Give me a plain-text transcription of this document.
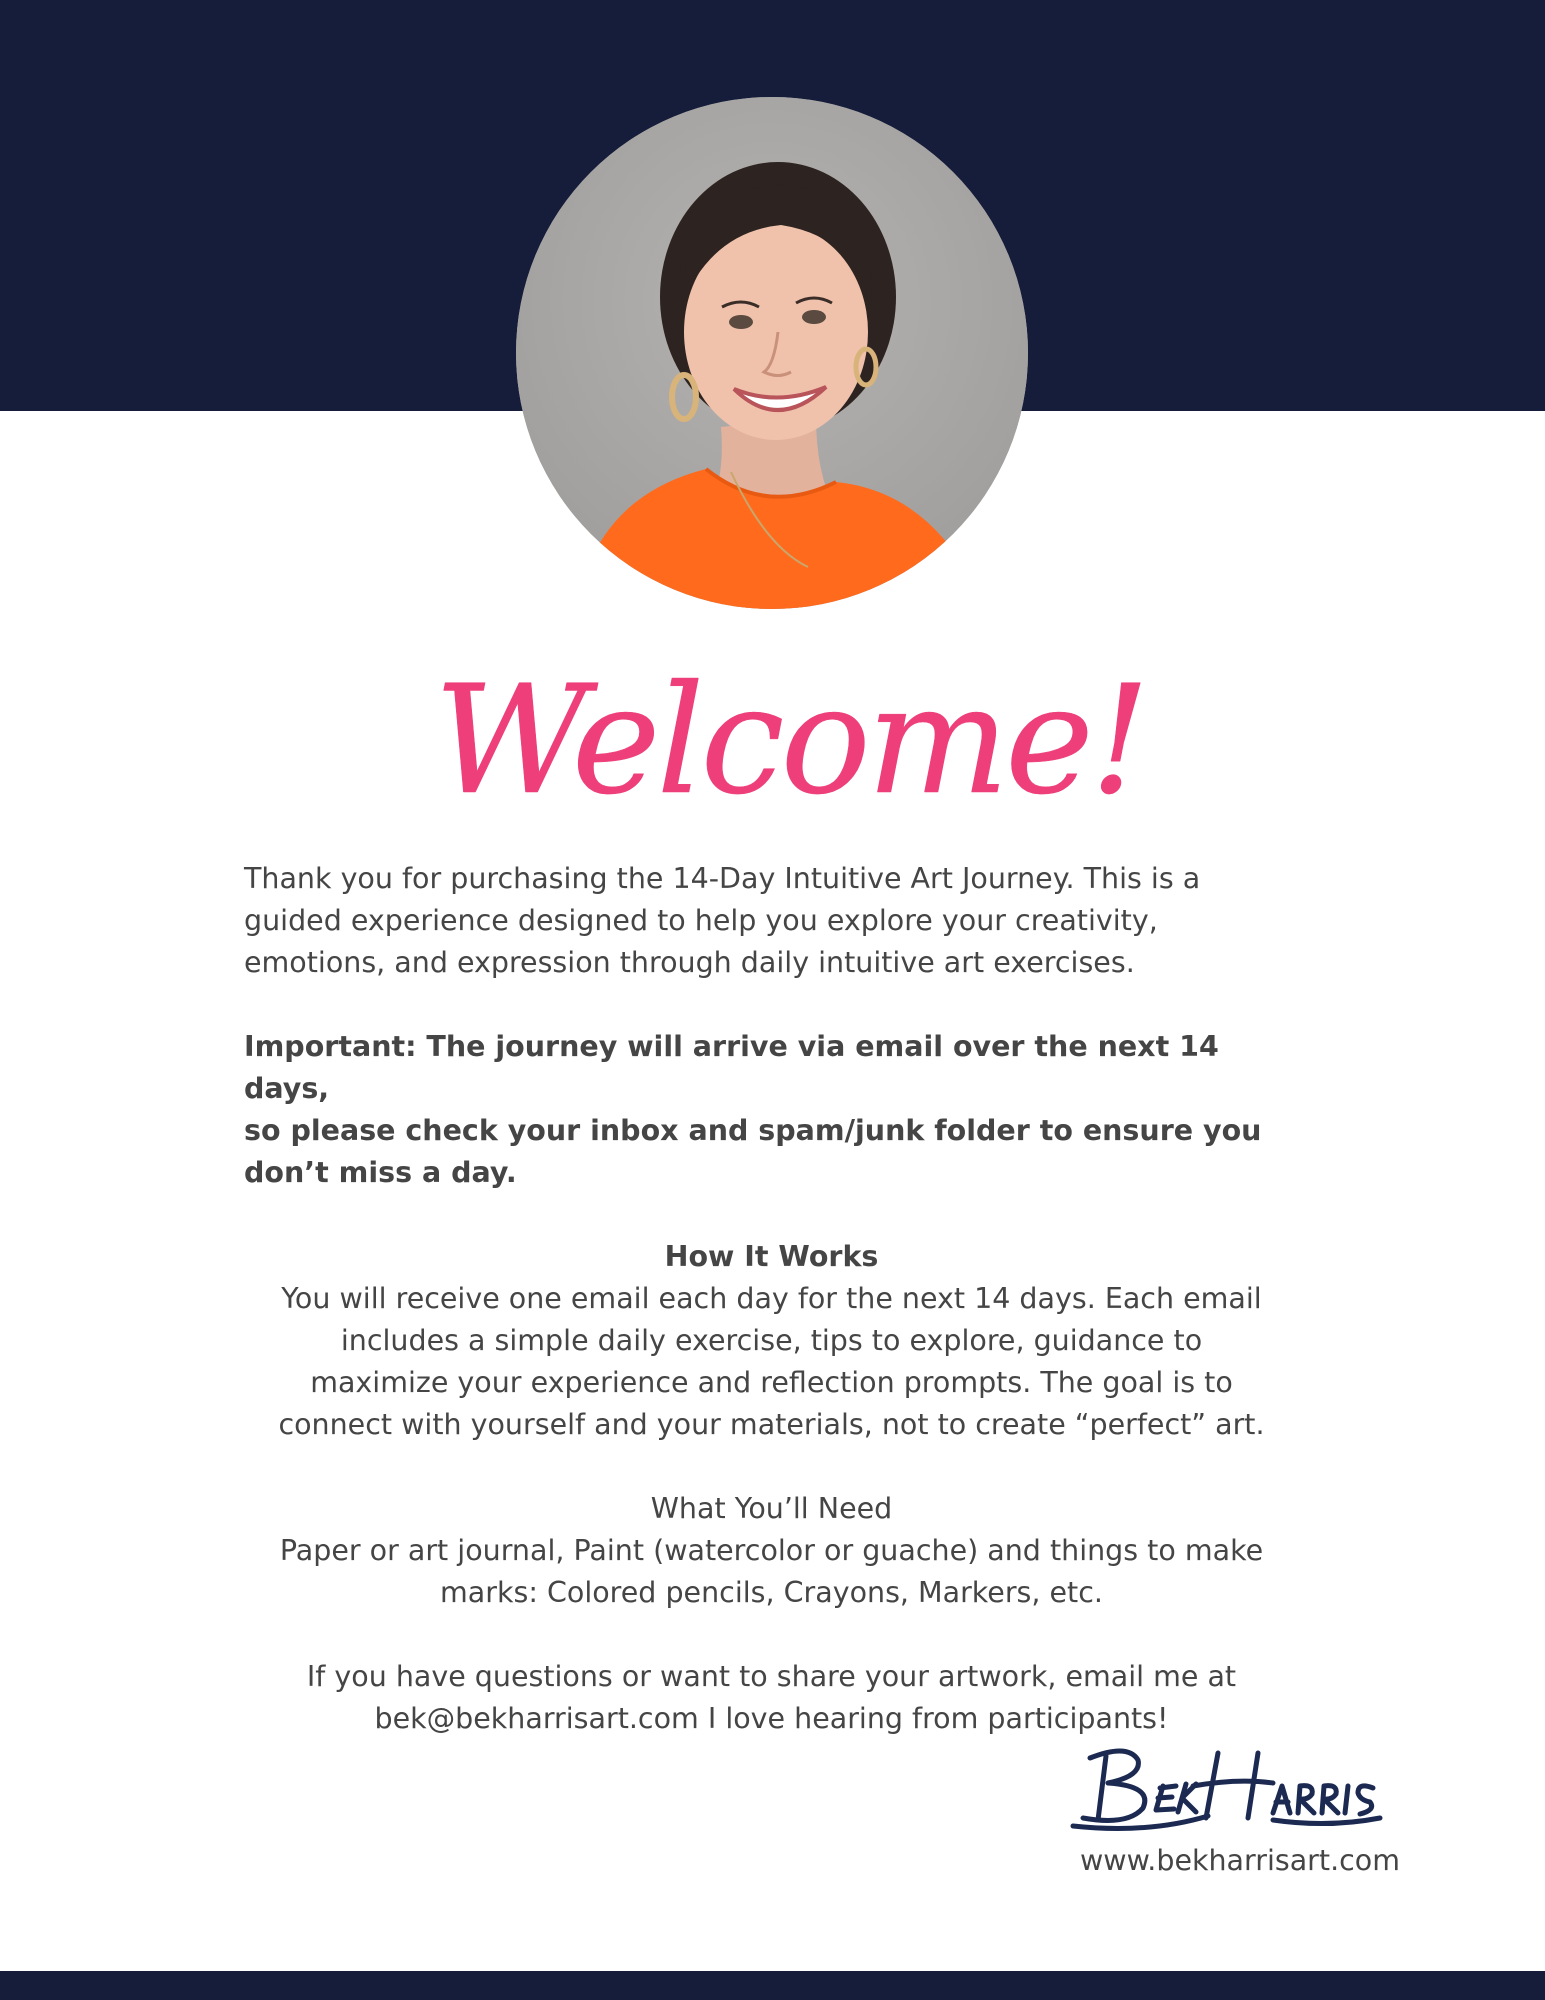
Welcome!
Thank you for purchasing the 14-Day Intuitive Art Journey. This is a
guided experience designed to help you explore your creativity,
emotions, and expression through daily intuitive art exercises.
Important: The journey will arrive via email over the next 14 days,
so please check your inbox and spam/junk folder to ensure you
don’t miss a day.
How It Works
You will receive one email each day for the next 14 days. Each email
includes a simple daily exercise, tips to explore, guidance to
maximize your experience and reflection prompts. The goal is to
connect with yourself and your materials, not to create “perfect” art.
What You’ll Need
Paper or art journal, Paint (watercolor or guache) and things to make
marks: Colored pencils, Crayons, Markers, etc.
If you have questions or want to share your artwork, email me at
bek@bekharrisart.com I love hearing from participants!
www.bekharrisart.com
